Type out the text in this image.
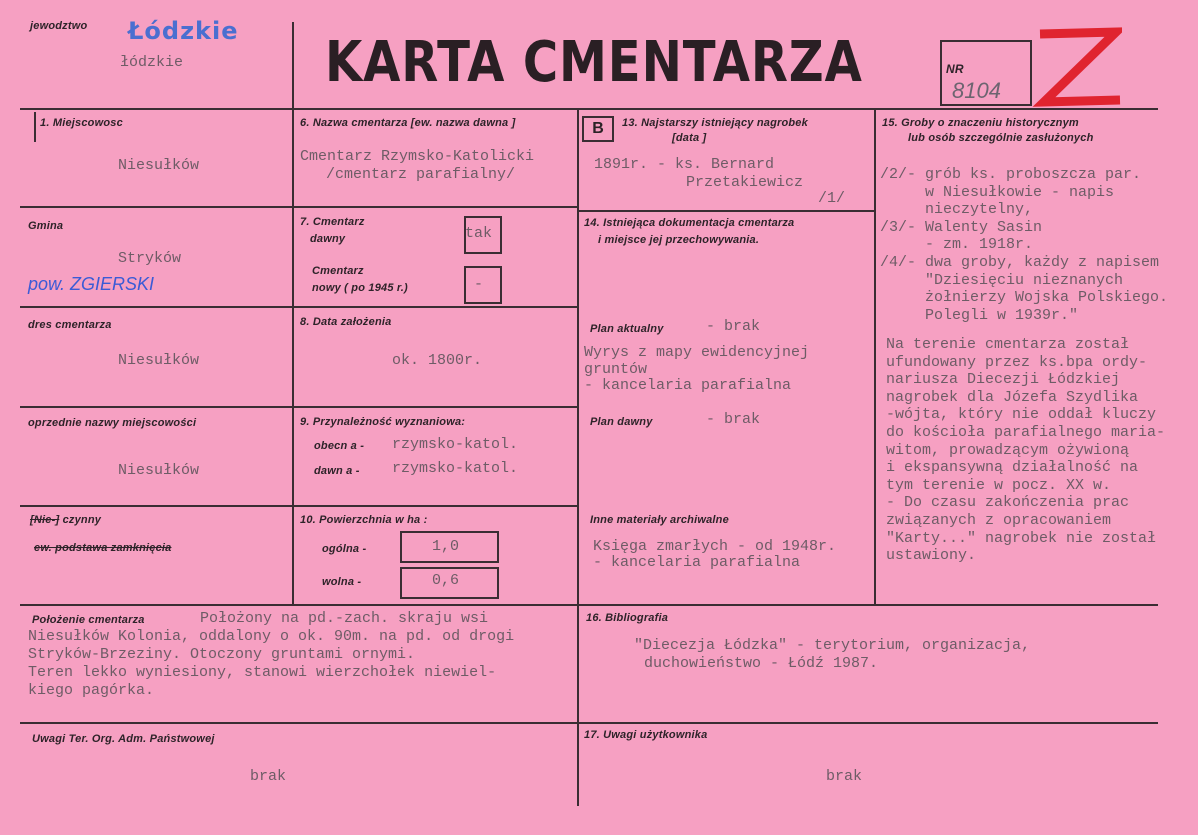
jewodztwo Łódzkie
łódzkie	KARTA CMENTARZA	NR
8104
1. Miejscowosc
Niesułków
Gmina
Stryków
pow. ZGIERSKI
dres cmentarza
Niesułków
oprzednie nazwy miejscowości
Niesułków
[Nie-] czynny
ew. podstawa zamknięcia
6. Nazwa cmentarza [ew. nazwa dawna ]
Cmentarz Rzymsko-Katolicki
/cmentarz parafialny/
7. Cmentarz
dawny	tak
Cmentarz
nowy ( po 1945 r.)	-
8. Data założenia
ok. 1800r.
9. Przynależność wyznaniowa:
obecn a - rzymsko-katol.
dawn a - rzymsko-katol.
10. Powierzchnia w ha :
ogólna -	1,0
wolna -	0,6
B	13. Najstarszy istniejący nagrobek
[data ]
1891r. - ks. Bernard
Przetakiewicz
/1/
14. Istniejąca dokumentacja cmentarza
i miejsce jej przechowywania.
Plan aktualny	- brak
Wyrys z mapy ewidencyjnej
gruntów
- kancelaria parafialna
Plan dawny	- brak
Inne materiały archiwalne
Księga zmarłych - od 1948r.
- kancelaria parafialna
15. Groby o znaczeniu historycznym
lub osób szczególnie zasłużonych
/2/- grób ks. proboszcza par.
w Niesułkowie - napis
nieczytelny,
/3/- Walenty Sasin
- zm. 1918r.
/4/- dwa groby, każdy z napisem
"Dziesięciu nieznanych
żołnierzy Wojska Polskiego.
Polegli w 1939r."
Na terenie cmentarza został
ufundowany przez ks.bpa ordy-
nariusza Diecezji Łódzkiej
nagrobek dla Józefa Szydlika
-wójta, który nie oddał kluczy
do kościoła parafialnego maria-
witom, prowadzącym ożywioną
i ekspansywną działalność na
tym terenie w pocz. XX w.
- Do czasu zakończenia prac
związanych z opracowaniem
"Karty..." nagrobek nie został
ustawiony.
Położenie cmentarza	Położony na pd.-zach. skraju wsi
Niesułków Kolonia, oddalony o ok. 90m. na pd. od drogi
Stryków-Brzeziny. Otoczony gruntami ornymi.
Teren lekko wyniesiony, stanowi wierzchołek niewiel-
kiego pagórka.
16. Bibliografia
"Diecezja Łódzka" - terytorium, organizacja,
duchowieństwo - Łódź 1987.
Uwagi Ter. Org. Adm. Państwowej
brak
17. Uwagi użytkownika
brak
